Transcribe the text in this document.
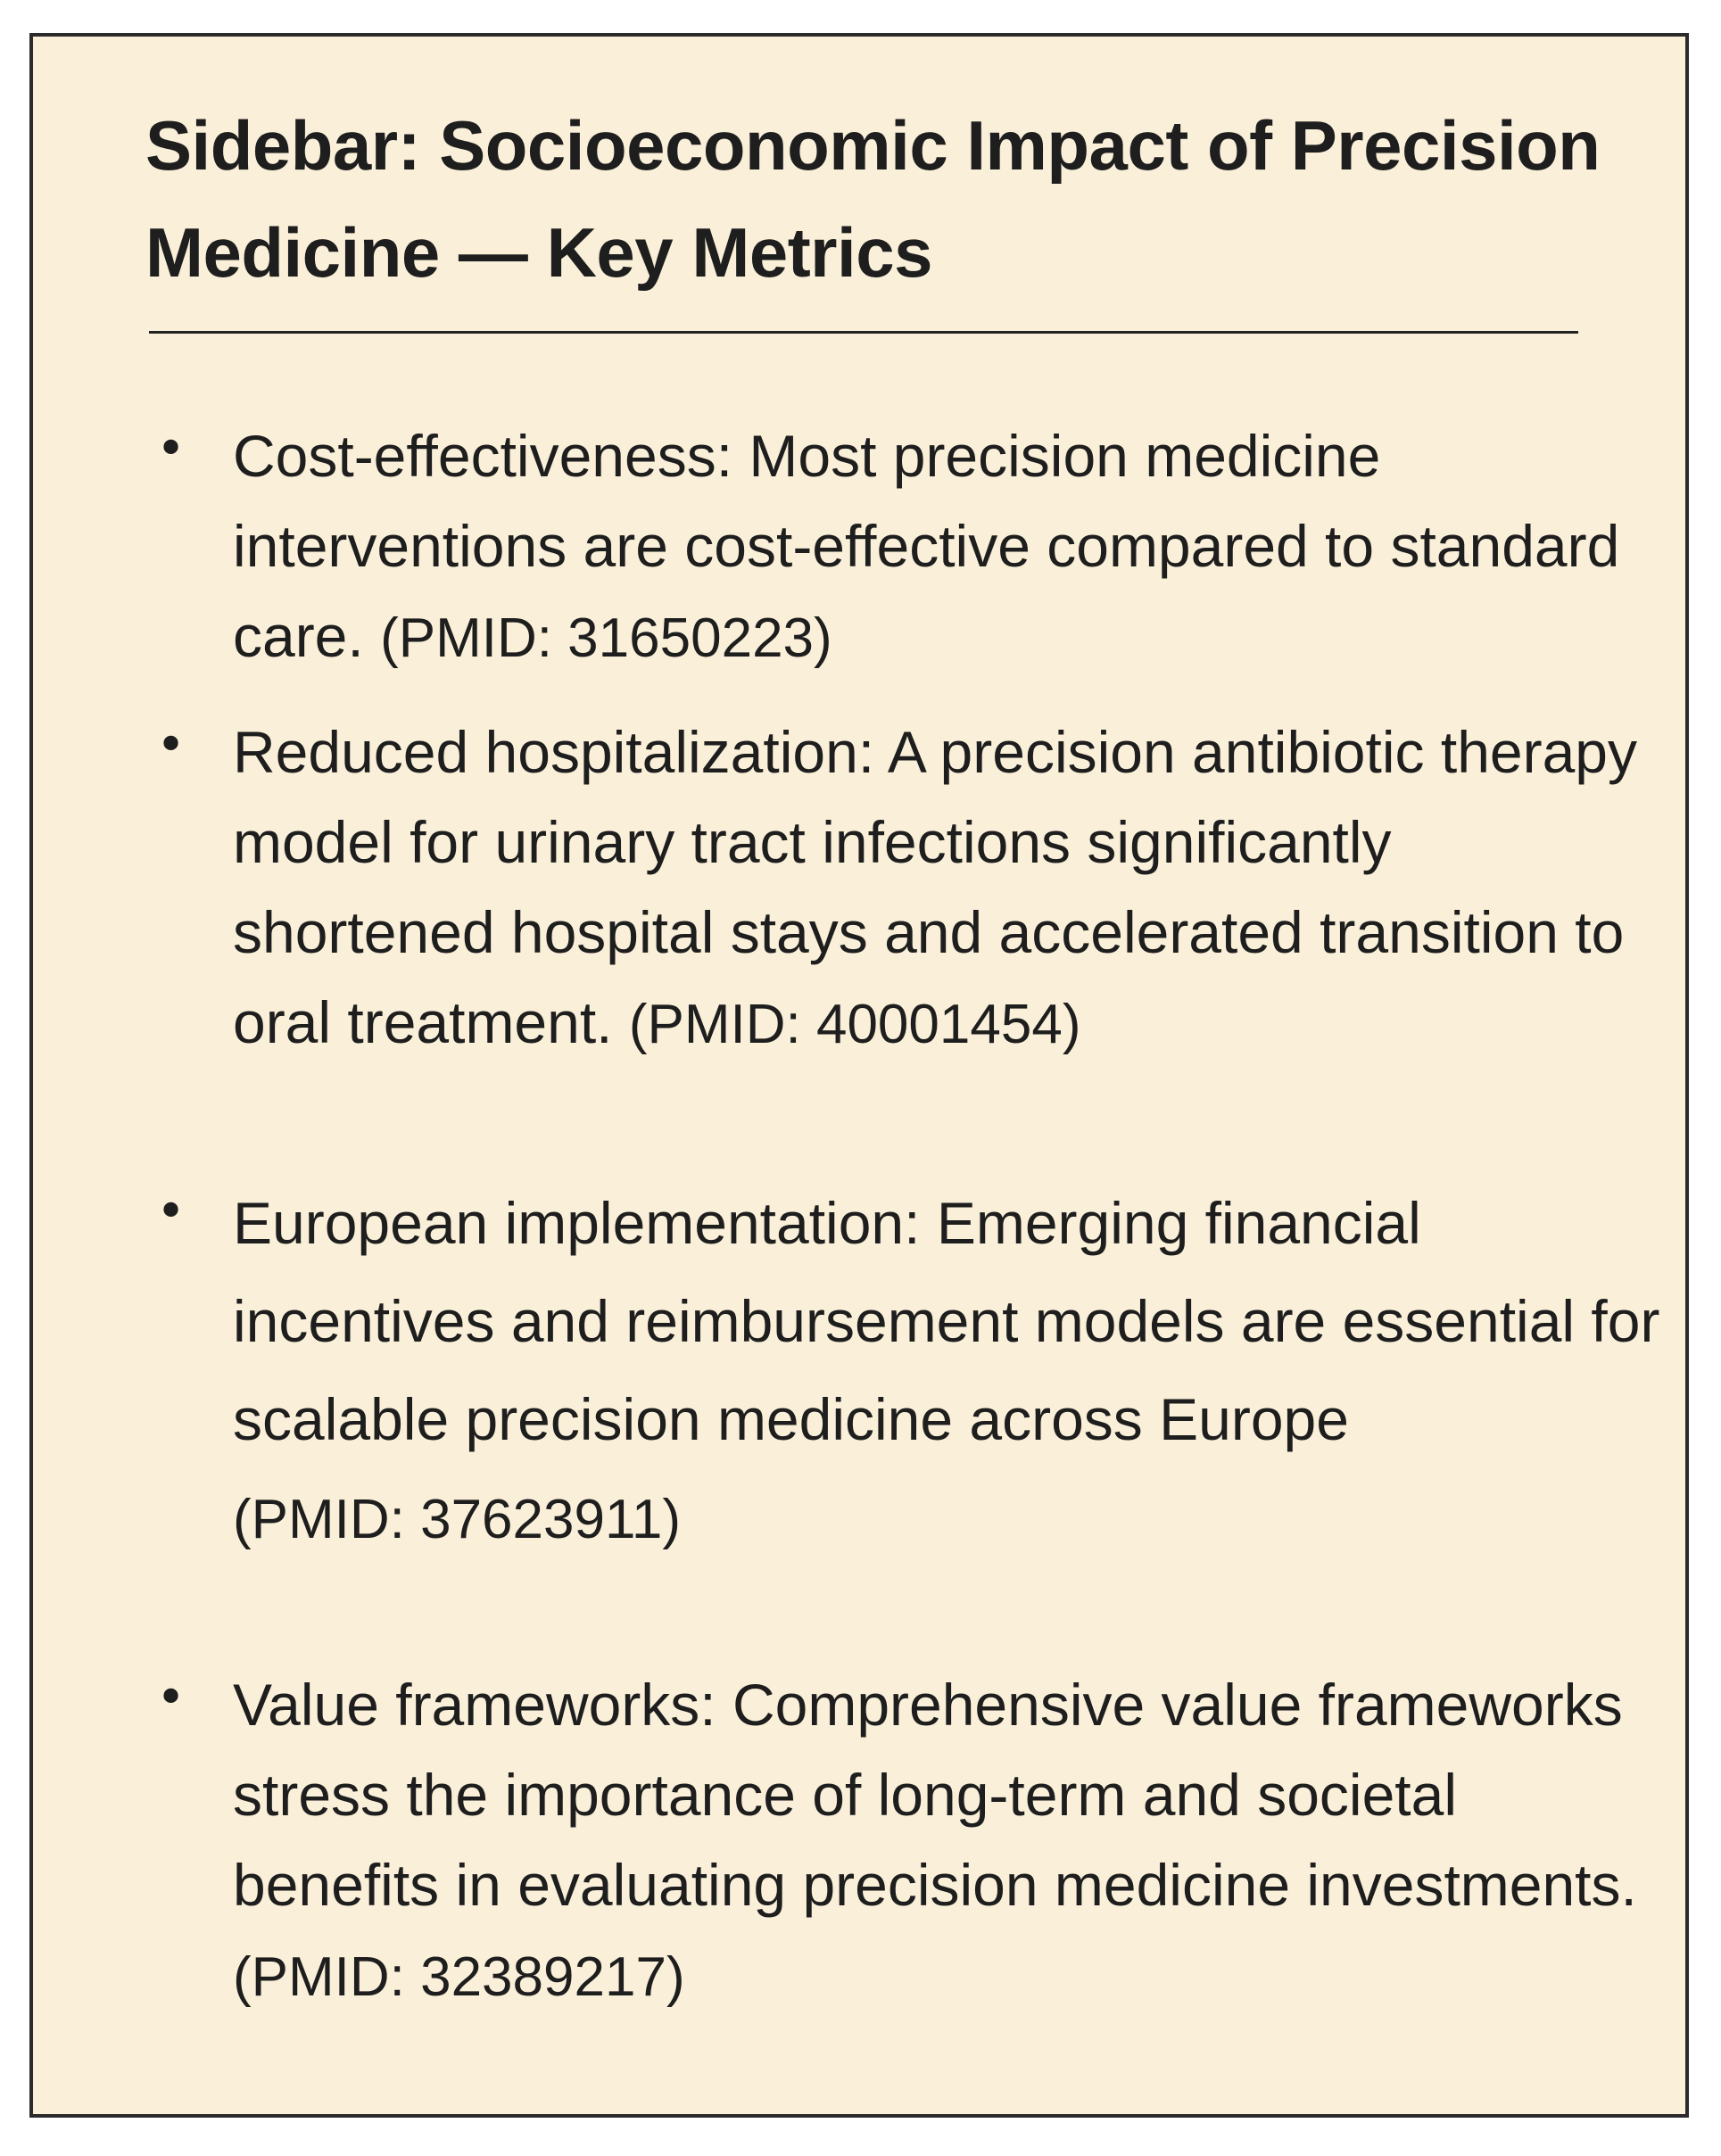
Sidebar: Socioeconomic Impact of Precision Medicine — Key Metrics
• Cost-effectiveness: Most precision medicine interventions are cost-effective compared to standard care. (PMID: 31650223)
• Reduced hospitalization: A precision antibiotic therapy model for urinary tract infections significantly shortened hospital stays and accelerated transition to oral treatment. (PMID: 40001454)
• European implementation: Emerging financial incentives and reimbursement models are essential for scalable precision medicine across Europe
(PMID: 37623911)
• Value frameworks: Comprehensive value frameworks stress the importance of long-term and societal benefits in evaluating precision medicine investments.
(PMID: 32389217)
